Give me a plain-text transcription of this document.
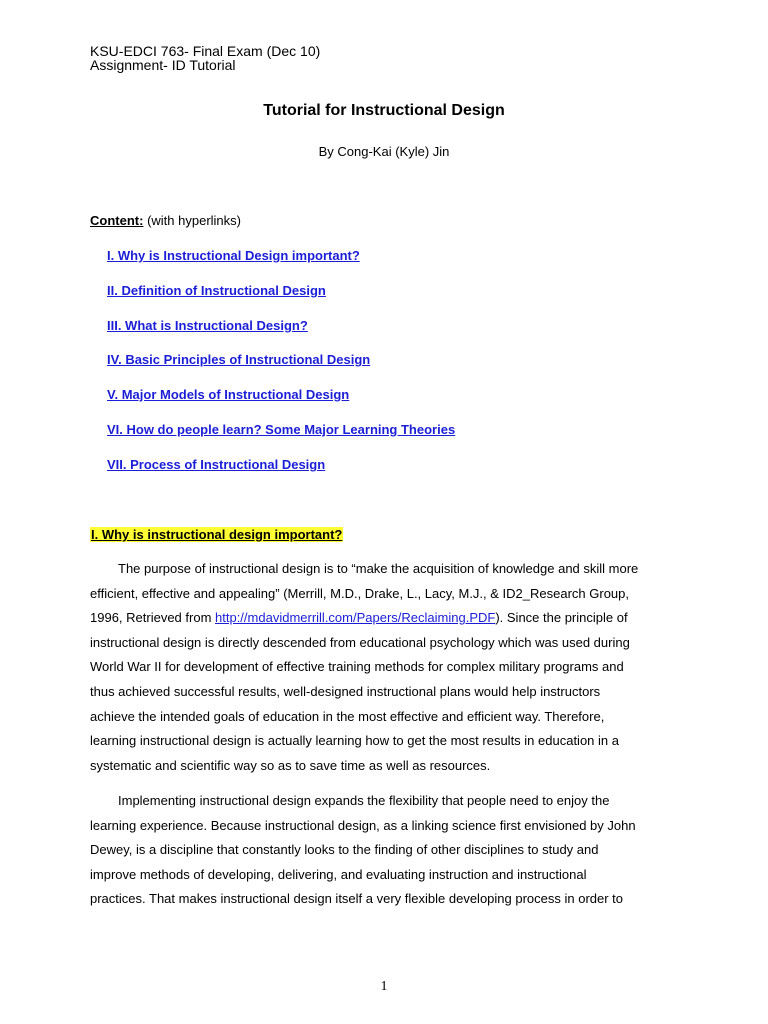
KSU-EDCI 763- Final Exam (Dec 10)
Assignment- ID Tutorial
Tutorial for Instructional Design
By Cong-Kai (Kyle) Jin
Content: (with hyperlinks)
I. Why is Instructional Design important?
II. Definition of Instructional Design
III. What is Instructional Design?
IV. Basic Principles of Instructional Design
V. Major Models of Instructional Design
VI. How do people learn? Some Major Learning Theories
VII. Process of Instructional Design
I. Why is instructional design important?

The purpose of instructional design is to “make the acquisition of knowledge and skill more
efficient, effective and appealing” (Merrill, M.D., Drake, L., Lacy, M.J., & ID2_Research Group,
1996, Retrieved from http://mdavidmerrill.com/Papers/Reclaiming.PDF). Since the principle of
instructional design is directly descended from educational psychology which was used during
World War II for development of effective training methods for complex military programs and
thus achieved successful results, well-designed instructional plans would help instructors
achieve the intended goals of education in the most effective and efficient way. Therefore,
learning instructional design is actually learning how to get the most results in education in a
systematic and scientific way so as to save time as well as resources.

Implementing instructional design expands the flexibility that people need to enjoy the
learning experience. Because instructional design, as a linking science first envisioned by John
Dewey, is a discipline that constantly looks to the finding of other disciplines to study and
improve methods of developing, delivering, and evaluating instruction and instructional
practices. That makes instructional design itself a very flexible developing process in order to

1
